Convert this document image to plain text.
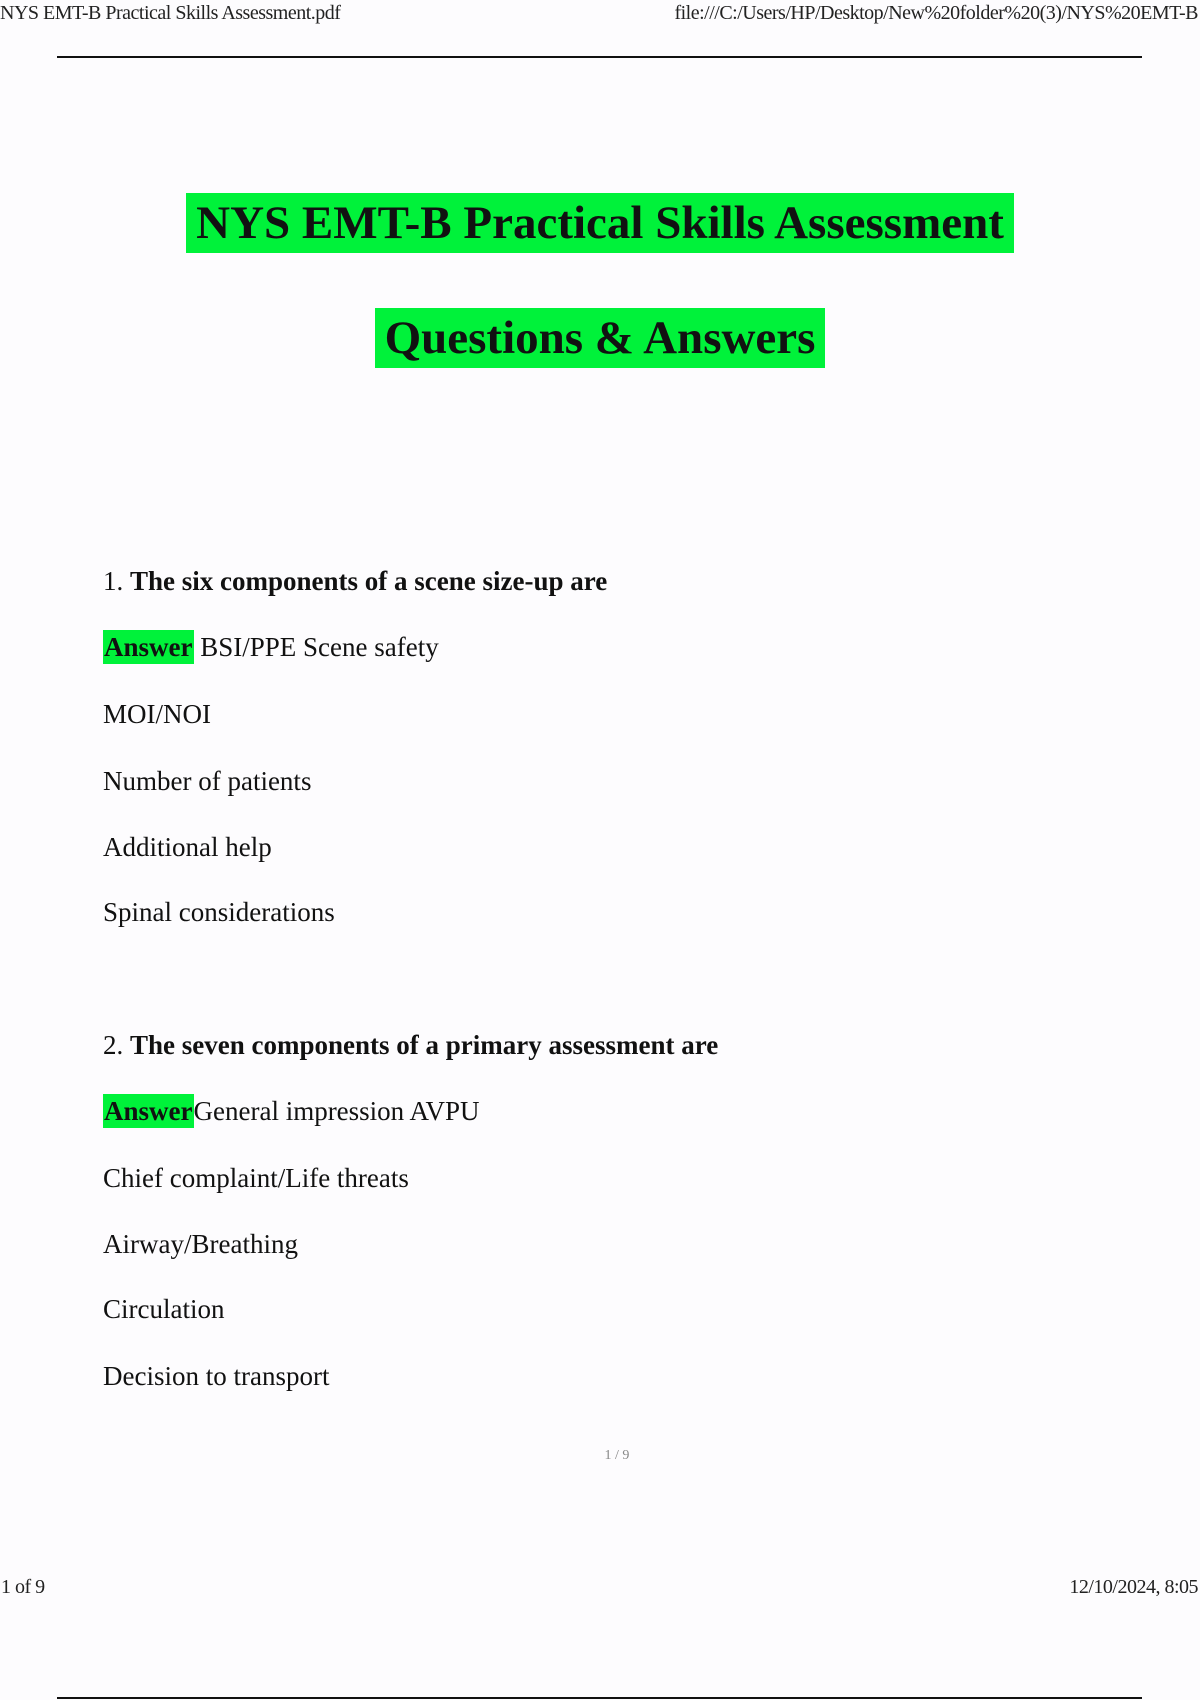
NYS EMT-B Practical Skills Assessment.pdf	file:///C:/Users/HP/Desktop/New%20folder%20(3)/NYS%20EMT-B
NYS EMT-B Practical Skills Assessment
Questions & Answers
1. The six components of a scene size-up are
Answer BSI/PPE Scene safety
MOI/NOI
Number of patients
Additional help
Spinal considerations
2. The seven components of a primary assessment are
AnswerGeneral impression AVPU
Chief complaint/Life threats
Airway/Breathing
Circulation
Decision to transport
1 / 9
1 of 9	12/10/2024, 8:05
